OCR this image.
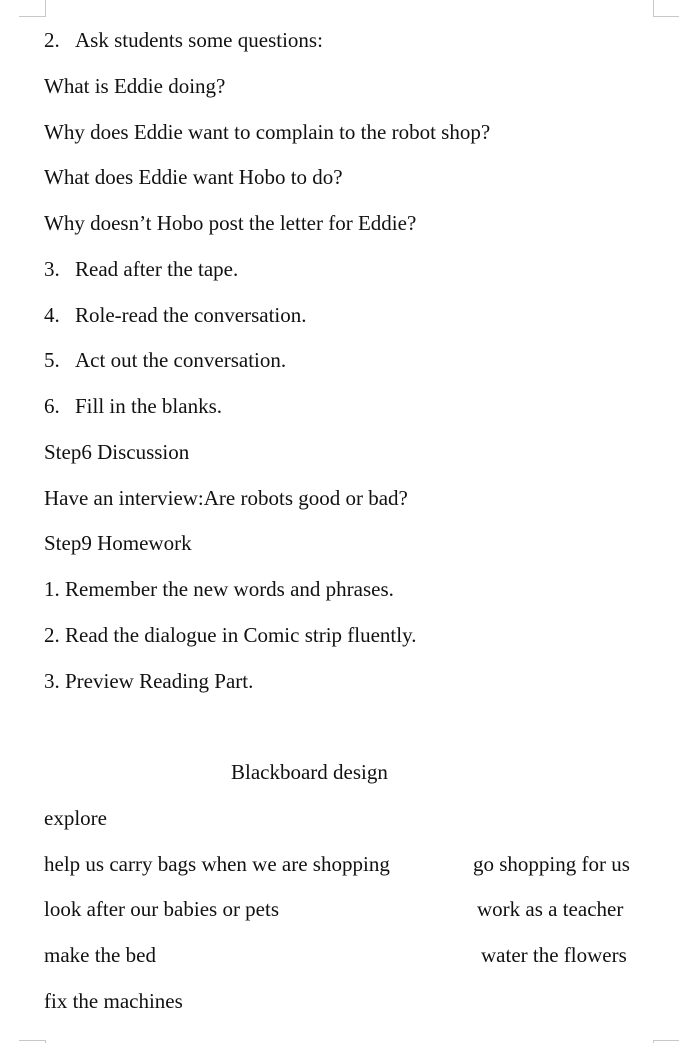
2. Ask students some questions:
What is Eddie doing?
Why does Eddie want to complain to the robot shop?
What does Eddie want Hobo to do?
Why doesn’t Hobo post the letter for Eddie?
3. Read after the tape.
4. Role-read the conversation.
5. Act out the conversation.
6. Fill in the blanks.
Step6 Discussion
Have an interview:Are robots good or bad?
Step9 Homework
1. Remember the new words and phrases.
2. Read the dialogue in Comic strip fluently.
3. Preview Reading Part.
Blackboard design
explore
help us carry bags when we are shopping	go shopping for us
look after our babies or pets	work as a teacher
make the bed	water the flowers
fix the machines
